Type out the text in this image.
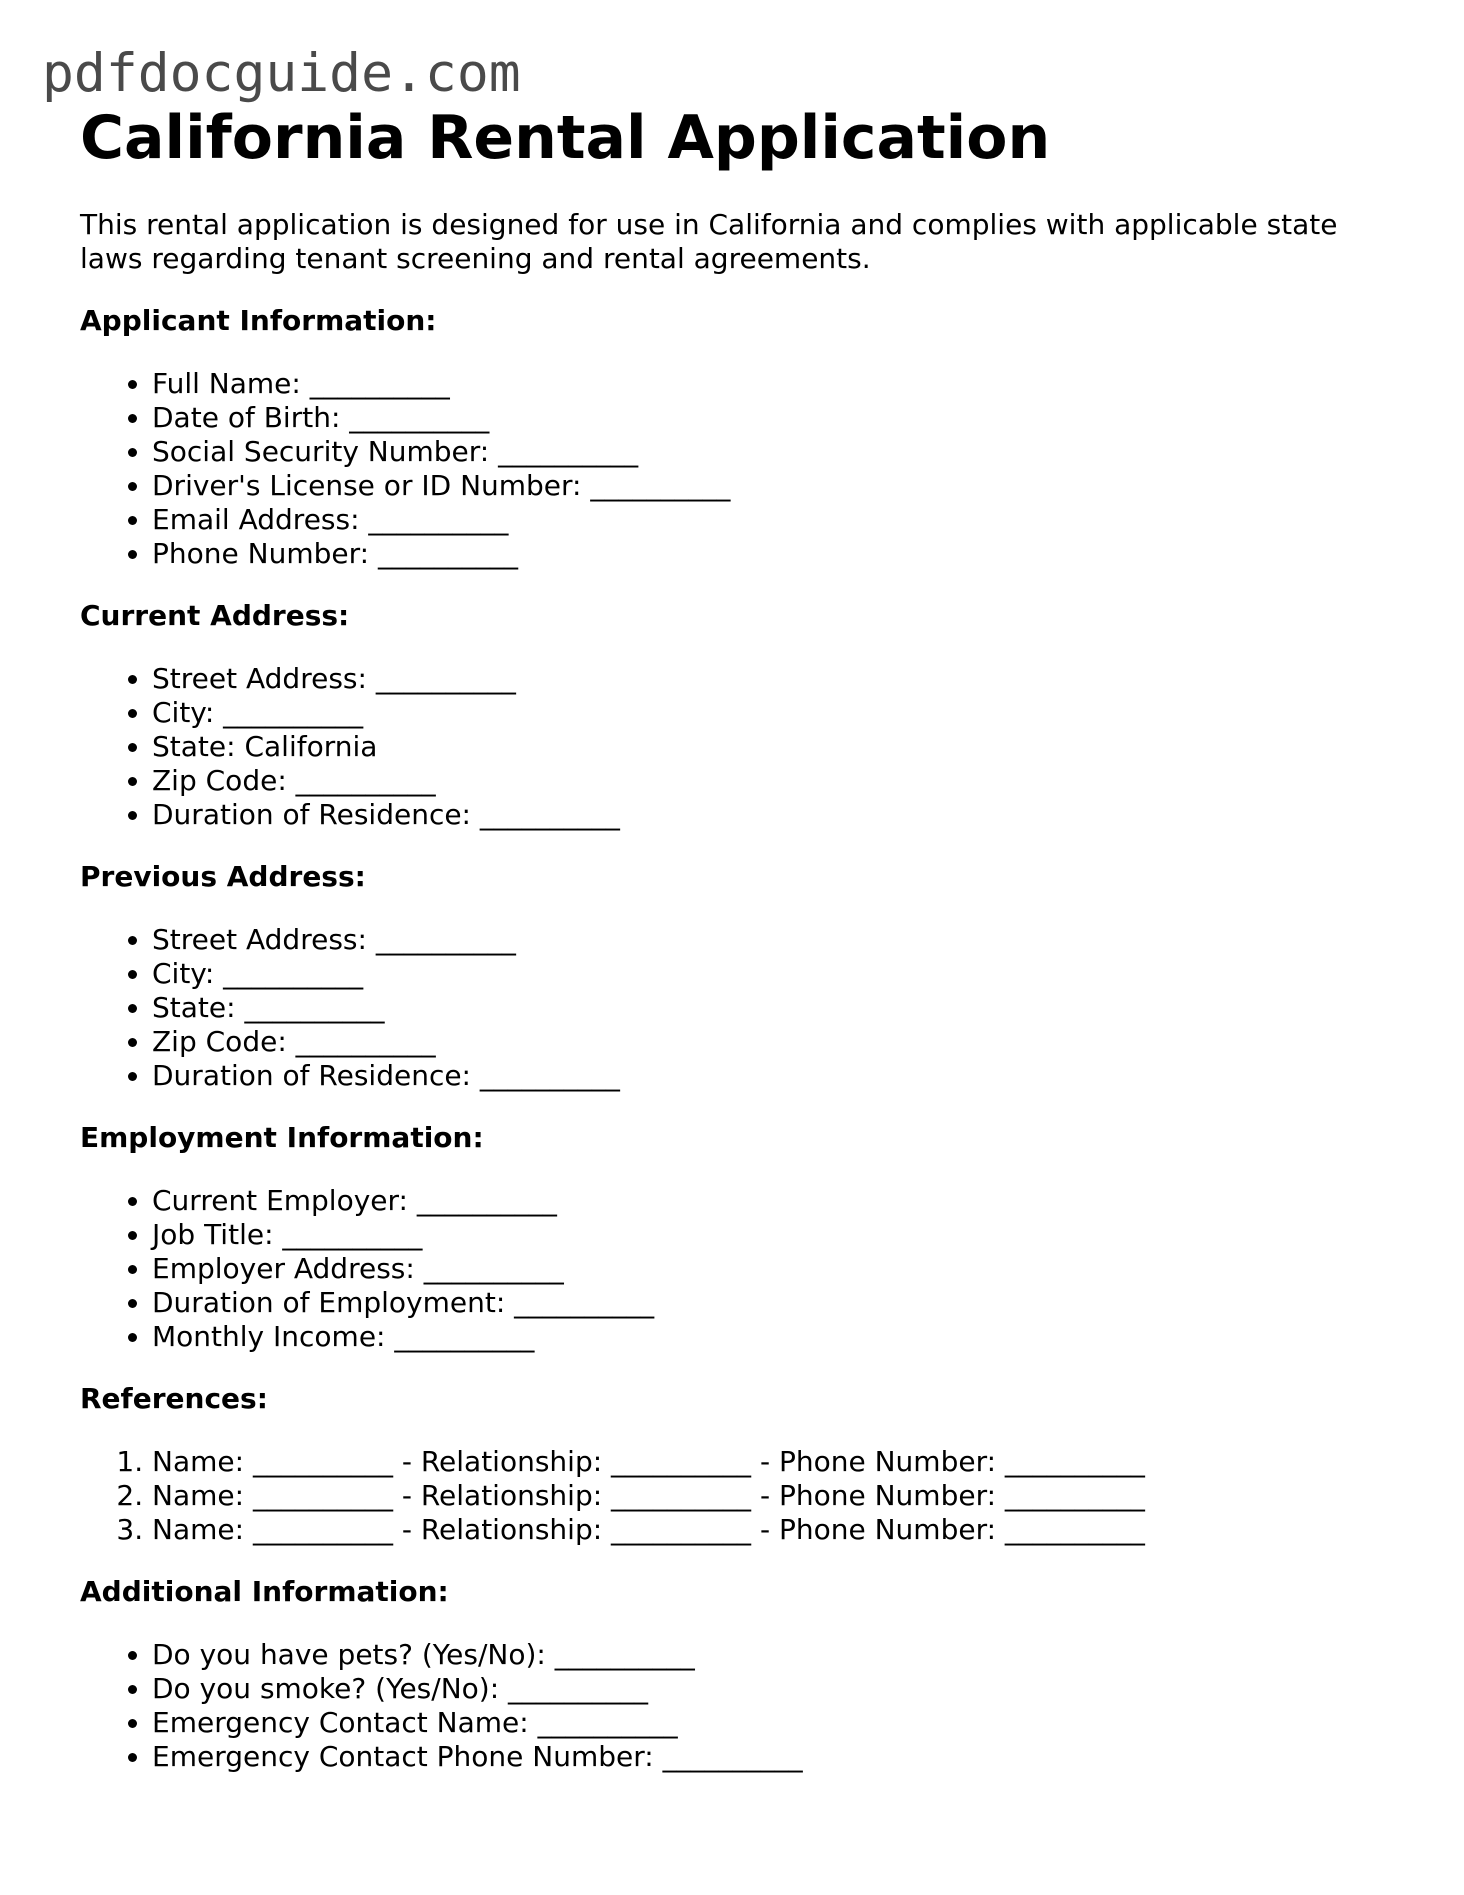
pdfdocguide.com
California Rental Application

This rental application is designed for use in California and complies with applicable state laws regarding tenant screening and rental agreements.

Applicant Information:
• Full Name: __________
• Date of Birth: __________
• Social Security Number: __________
• Driver's License or ID Number: __________
• Email Address: __________
• Phone Number: __________
Current Address:
• Street Address: __________
• City: __________
• State: California
• Zip Code: __________
• Duration of Residence: __________
Previous Address:
• Street Address: __________
• City: __________
• State: __________
• Zip Code: __________
• Duration of Residence: __________
Employment Information:
• Current Employer: __________
• Job Title: __________
• Employer Address: __________
• Duration of Employment: __________
• Monthly Income: __________
References:
1. Name: __________ - Relationship: __________ - Phone Number: __________
2. Name: __________ - Relationship: __________ - Phone Number: __________
3. Name: __________ - Relationship: __________ - Phone Number: __________
Additional Information:
• Do you have pets? (Yes/No): __________
• Do you smoke? (Yes/No): __________
• Emergency Contact Name: __________
• Emergency Contact Phone Number: __________
